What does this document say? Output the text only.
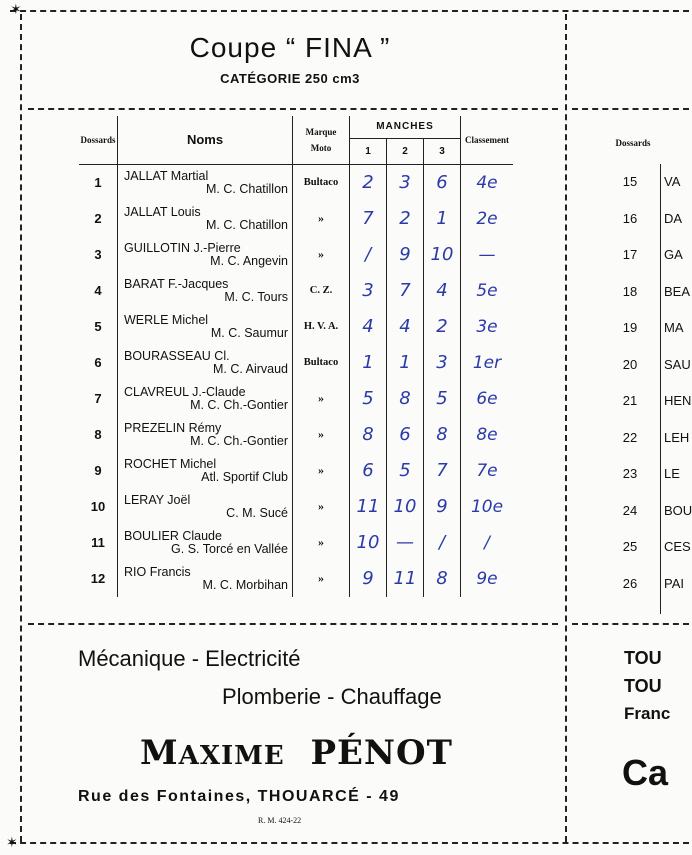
✶
✶
Coupe “ FINA ”
CATÉGORIE 250 cm3
Dossards	Noms	Marque
Moto	MANCHES			Classement
			1	2	3	
1	JALLAT Martial
M. C. Chatillon	Bultaco	2	3	6	4e
2	JALLAT Louis
M. C. Chatillon	»	7	2	1	2e
3	GUILLOTIN J.-Pierre
M. C. Angevin	»	/	9	10	—
4	BARAT F.-Jacques
M. C. Tours	C. Z.	3	7	4	5e
5	WERLE Michel
M. C. Saumur	H. V. A.	4	4	2	3e
6	BOURASSEAU Cl.
M. C. Airvaud	Bultaco	1	1	3	1er
7	CLAVREUL J.-Claude
M. C. Ch.-Gontier	»	5	8	5	6e
8	PREZELIN Rémy
M. C. Ch.-Gontier	»	8	6	8	8e
9	ROCHET Michel
Atl. Sportif Club	»	6	5	7	7e
10	LERAY Joël
C. M. Sucé	»	11	10	9	10e
11	BOULIER Claude
G. S. Torcé en Vallée	»	10	—	/	/
12	RIO Francis
M. C. Morbihan	»	9	11	8	9e
Dossards
15	VA
16	DA
17	GA
18	BEA
19	MA
20	SAU
21	HEN
22	LEH
23	LE
24	BOU
25	CES
26	PAI
Mécanique - Electricité
Plomberie - Chauffage
MAXIME PÉNOT
Rue des Fontaines, THOUARCÉ - 49
R. M. 424-22
TOU
TOU
Franc
Ca
